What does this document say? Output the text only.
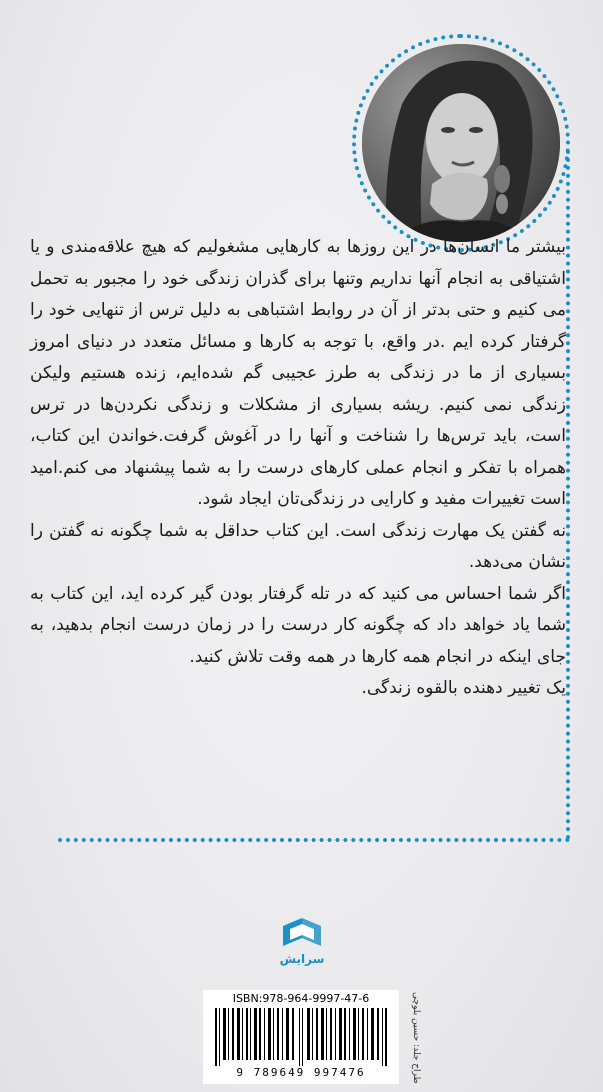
بیشتر ما انسان‌ها در این روزها به کارهایی مشغولیم که هیچ علاقه‌مندی و یا اشتیاقی به انجام آنها نداریم وتنها برای گذران زندگی خود را مجبور به تحمل می کنیم و حتی بدتر از آن در روابط اشتباهی به دلیل ترس از تنهایی خود را گرفتار کرده ایم .در واقع، با توجه به کارها و مسائل متعدد در دنیای امروز بسیاری از ما در زندگی به طرز عجیبی گم شده‌ایم، زنده هستیم ولیکن زندگی نمی کنیم. ریشه بسیاری از مشکلات و زندگی نکردن‌ها در ترس است، باید ترس‌ها را شناخت و آنها را در آغوش گرفت.خواندن این کتاب، همراه با تفکر و انجام عملی کارهای درست را به شما پیشنهاد می کنم.امید است تغییرات مفید و کارایی در زندگی‌تان ایجاد شود.

نه گفتن یک مهارت زندگی است. این کتاب حداقل به شما چگونه نه گفتن را نشان می‌دهد.

اگر شما احساس می کنید که در تله گرفتار بودن گیر کرده اید، این کتاب به شما یاد خواهد داد که چگونه کار درست را در زمان درست انجام بدهید، به جای اینکه در انجام همه کارها در همه وقت تلاش کنید.

یک تغییر دهنده بالقوه زندگی.

سرایش
ISBN:978-964-9997-47-6
9 789649 997476	طراح جلد: حسین بلوچی
